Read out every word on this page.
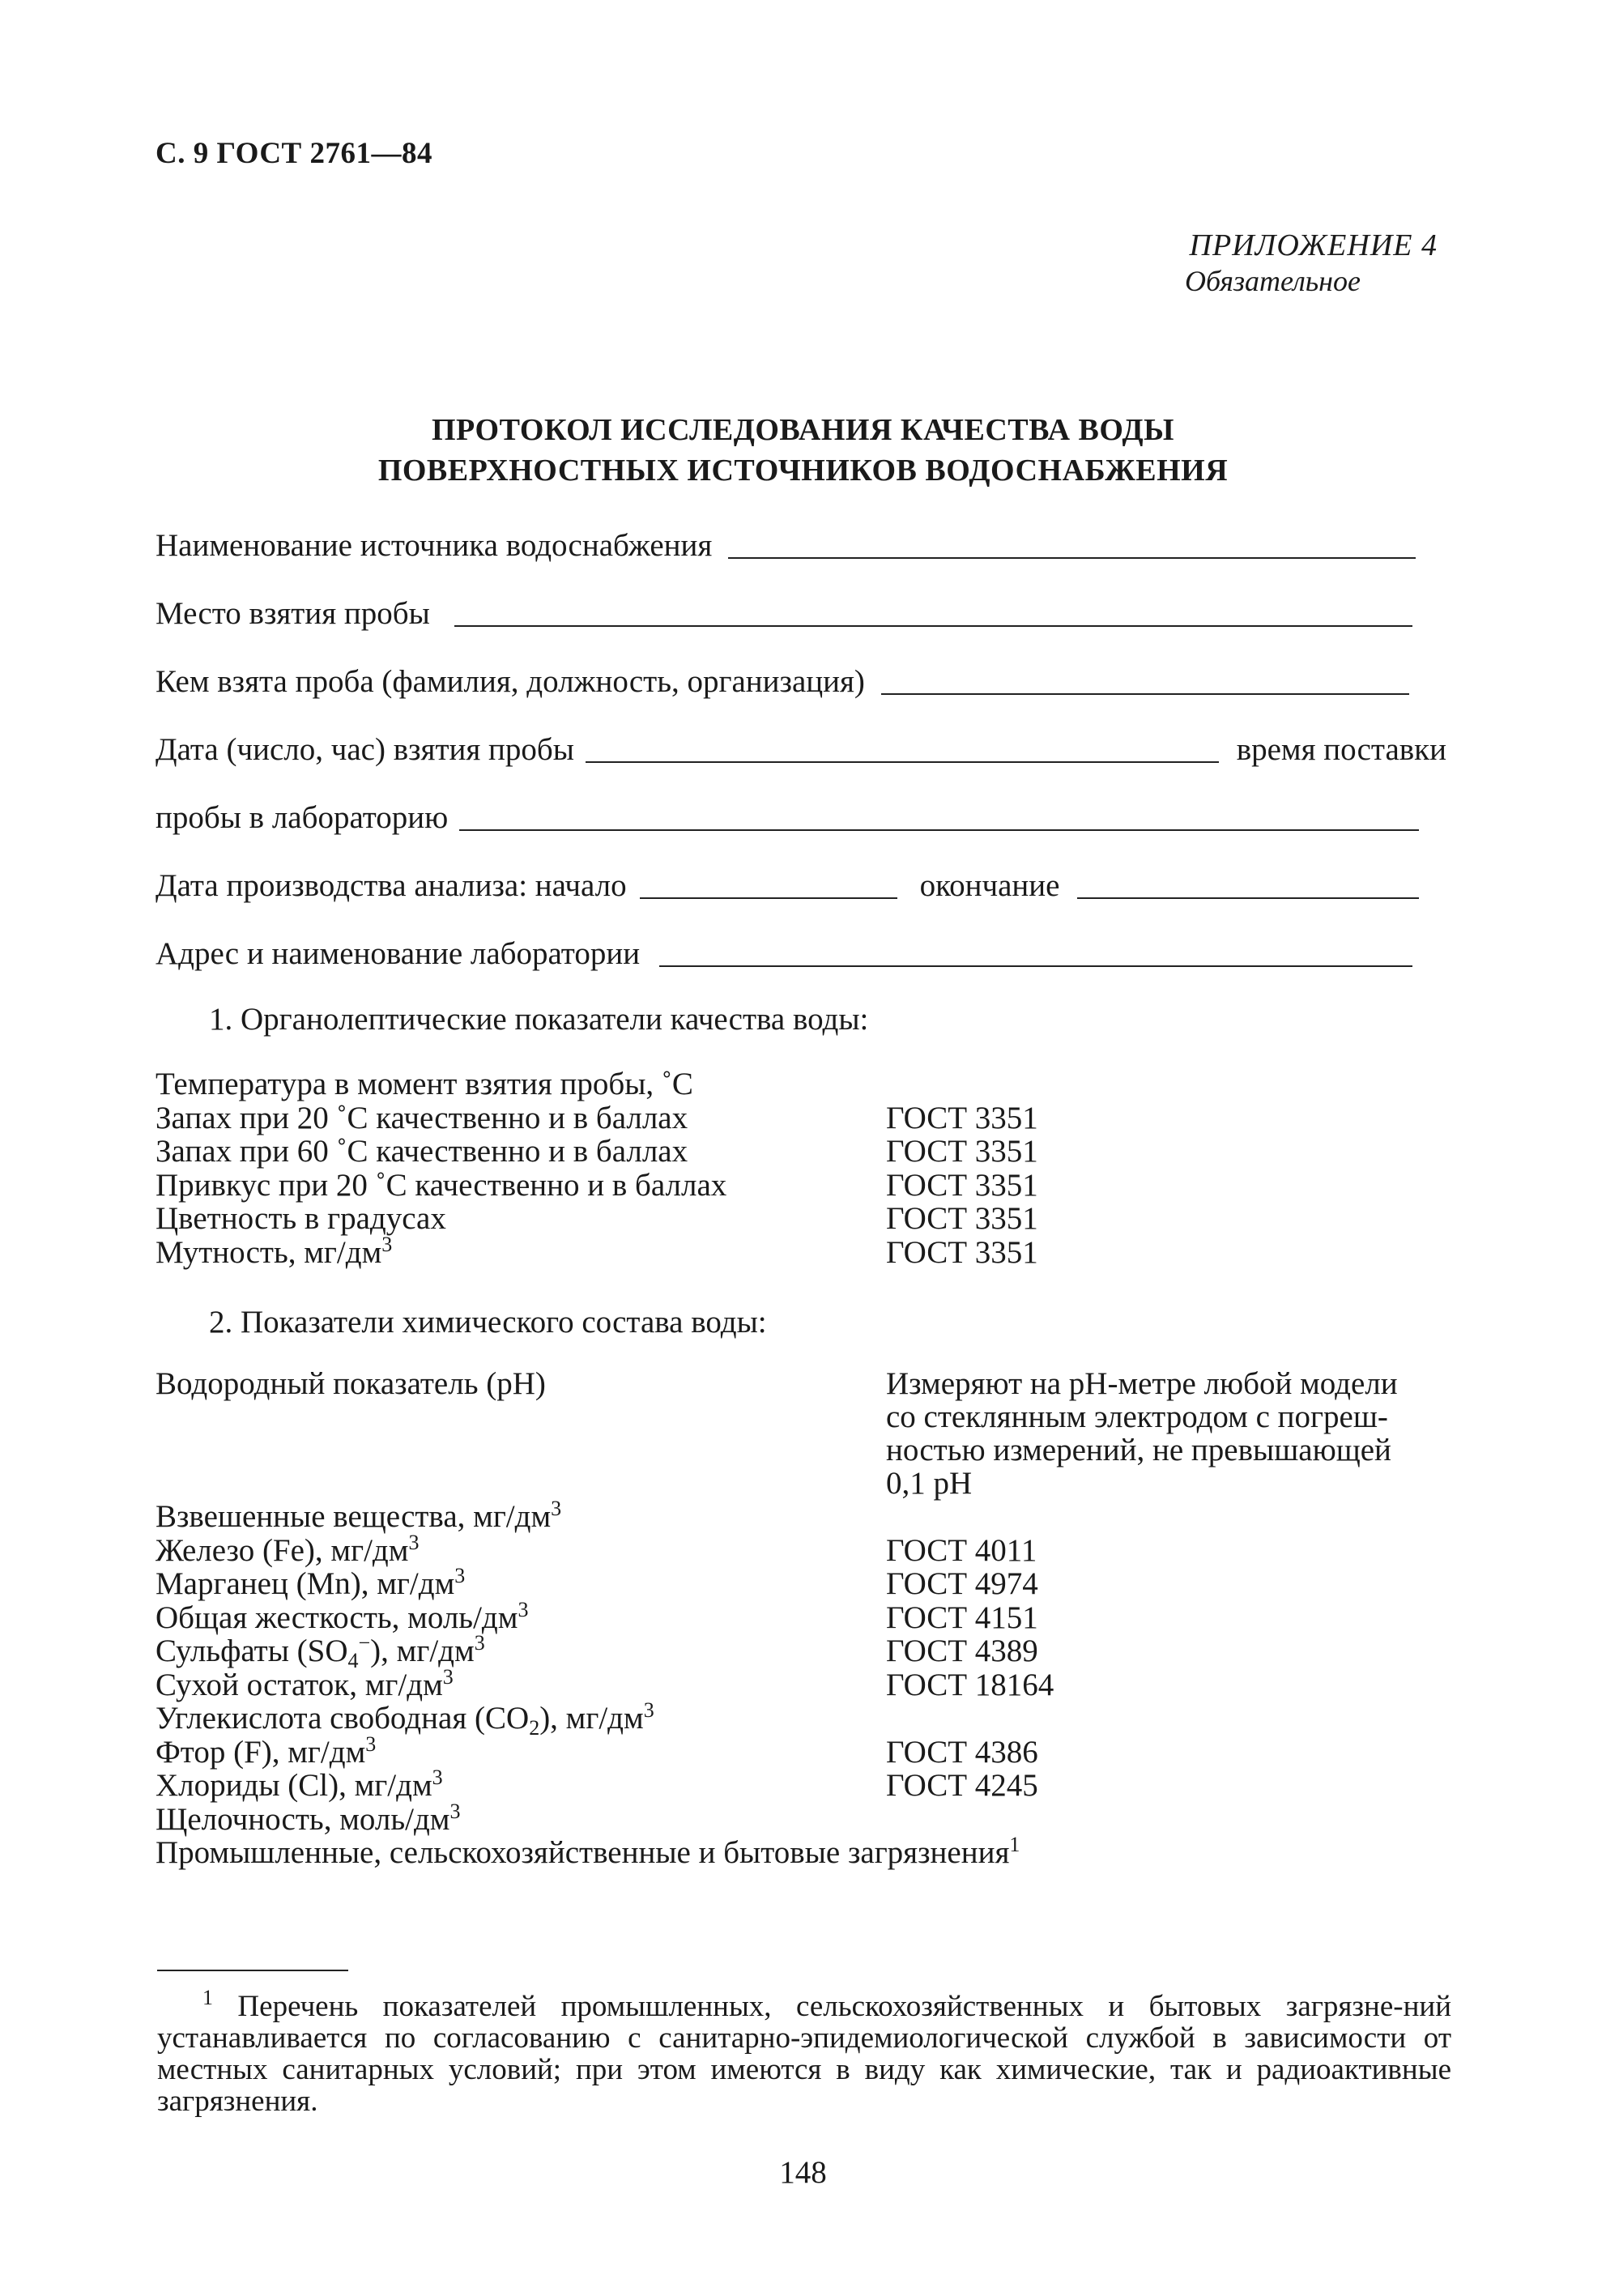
С. 9 ГОСТ 2761—84
ПРИЛОЖЕНИЕ 4
Обязательное
ПРОТОКОЛ ИССЛЕДОВАНИЯ КАЧЕСТВА ВОДЫ
ПОВЕРХНОСТНЫХ ИСТОЧНИКОВ ВОДОСНАБЖЕНИЯ
Наименование источника водоснабжения
Место взятия пробы
Кем взята проба (фамилия, должность, организация)
Дата (число, час) взятия пробы	время поставки
пробы в лабораторию
Дата производства анализа: начало	окончание
Адрес и наименование лаборатории
1. Органолептические показатели качества воды:
Температура в момент взятия пробы, ˚С
Запах при 20 ˚С качественно и в баллах	ГОСТ 3351
Запах при 60 ˚С качественно и в баллах	ГОСТ 3351
Привкус при 20 ˚С качественно и в баллах	ГОСТ 3351
Цветность в градусах	ГОСТ 3351
Мутность, $мг/дм^3$	ГОСТ 3351
2. Показатели химического состава воды:
Водородный показатель (рН)	Измеряют на рН-метре любой модели
со стеклянным электродом с погреш-
ностью измерений, не превышающей
0,1 рН
Взвешенные вещества, $мг/дм^3$
Железо (Fe), $мг/дм^3$	ГОСТ 4011
Марганец (Mn), $мг/дм^3$	ГОСТ 4974
Общая жесткость, моль/$дм^3$	ГОСТ 4151
Сульфаты $(SO_4^-)$, $мг/дм^3$	ГОСТ 4389
Сухой остаток, $мг/дм^3$	ГОСТ 18164
Углекислота свободная $(CO_2)$, $мг/дм^3$
Фтор (F), $мг/дм^3$	ГОСТ 4386
Хлориды (Cl), $мг/дм^3$	ГОСТ 4245
Щелочность, моль/$дм^3$
Промышленные, сельскохозяйственные и бытовые загрязнения$^1$
$^1$ Перечень показателей промышленных, сельскохозяйственных и бытовых загрязне-ний устанавливается по согласованию с санитарно-эпидемиологической службой в зависимости от местных санитарных условий; при этом имеются в виду как химические, так и радиоактивные загрязнения.
148
